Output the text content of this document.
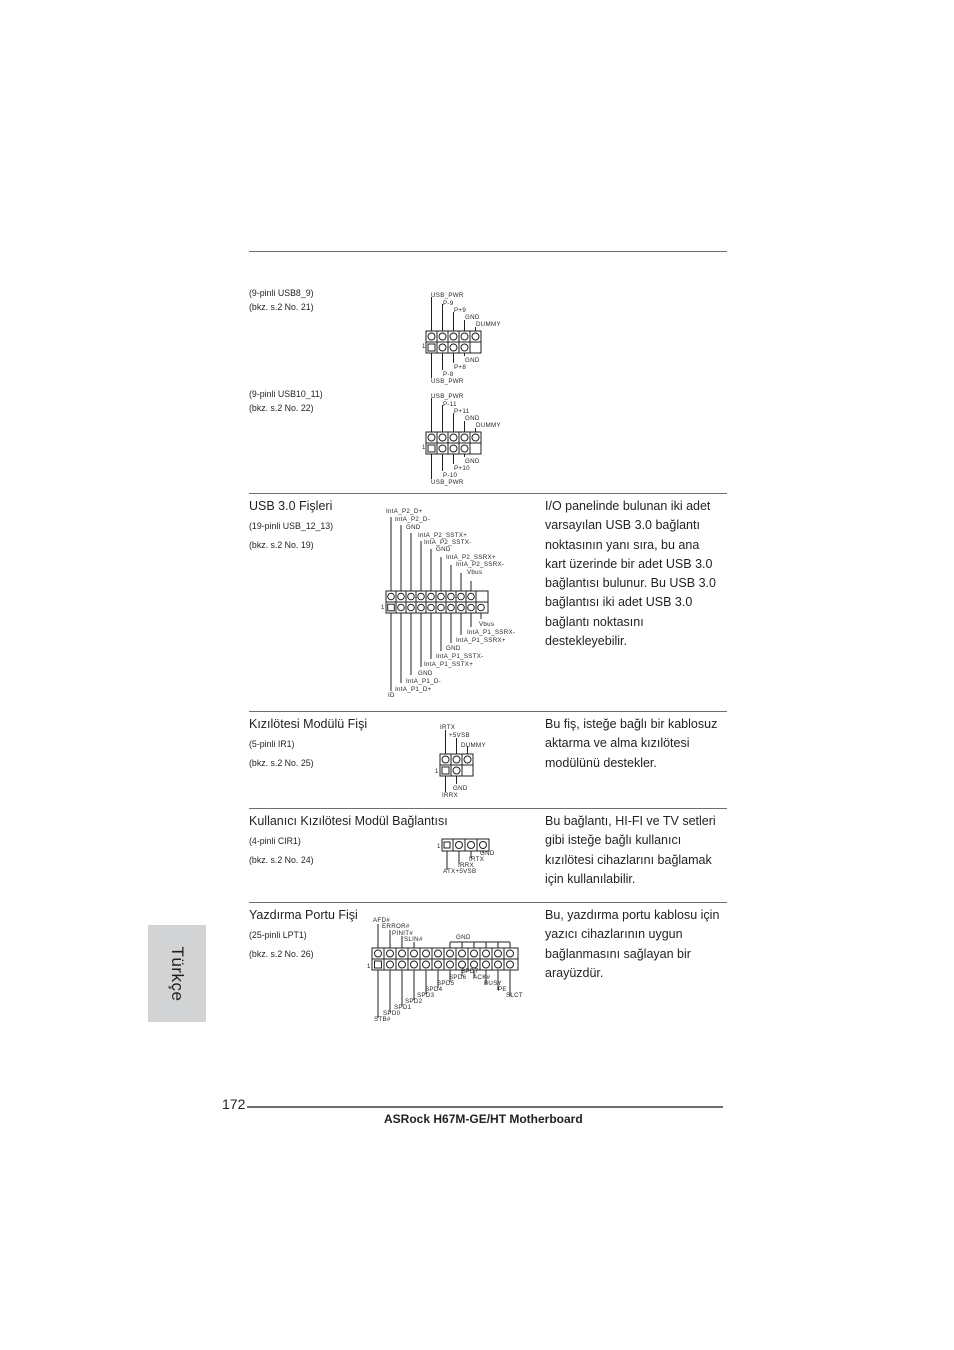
Türkçe
(9-pinli USB8_9)
(bkz. s.2 No. 21)
1
USB_PWR
P-9
P+9
GND
DUMMY
GND
P+8
P-8
USB_PWR
(9-pinli USB10_11)
(bkz. s.2 No. 22)
1
USB_PWR
P-11
P+11
GND
DUMMY
GND
P+10
P-10
USB_PWR
USB 3.0 Fişleri
(19-pinli USB_12_13)
(bkz. s.2 No. 19)
1
IntA_P2_D+
IntA_P2_D-
GND
IntA_P2_SSTX+
IntA_P2_SSTX-
GND
IntA_P2_SSRX+
IntA_P2_SSRX-
Vbus
Vbus
IntA_P1_SSRX-
IntA_P1_SSRX+
GND
IntA_P1_SSTX-
IntA_P1_SSTX+
GND
IntA_P1_D-
IntA_P1_D+
ID
I/O panelinde bulunan iki adet
varsayılan USB 3.0 bağlantı
noktasının yanı sıra, bu ana
kart üzerinde bir adet USB 3.0
bağlantısı bulunur. Bu USB 3.0
bağlantısı iki adet USB 3.0
bağlantı noktasını
destekleyebilir.
Kızılötesi Modülü Fişi
(5-pinli IR1)
(bkz. s.2 No. 25)
1
IRTX
+5VSB
DUMMY
GND
IRRX
Bu fiş, isteğe bağlı bir kablosuz
aktarma ve alma kızılötesi
modülünü destekler.
Kullanıcı Kızılötesi Modül Bağlantısı
(4-pinli CIR1)
(bkz. s.2 No. 24)
1
GND
IRTX
IRRX
ATX+5VSB
Bu bağlantı, HI-FI ve TV setleri
gibi isteğe bağlı kullanıcı
kızılötesi cihazlarını bağlamak
için kullanılabilir.
Yazdırma Portu Fişi
(25-pinli LPT1)
(bkz. s.2 No. 26)
1
AFD#
ERROR#
PINIT#
SLIN#	GND
SPD7
SPD6 ACK#
SPD5	BUSY
SPD4	PE
SPD3	SLCT
SPD2
SPD1
SPD0
STB#
Bu, yazdırma portu kablosu için
yazıcı cihazlarının uygun
bağlanmasını sağlayan bir
arayüzdür.
172
ASRock H67M-GE/HT Motherboard
